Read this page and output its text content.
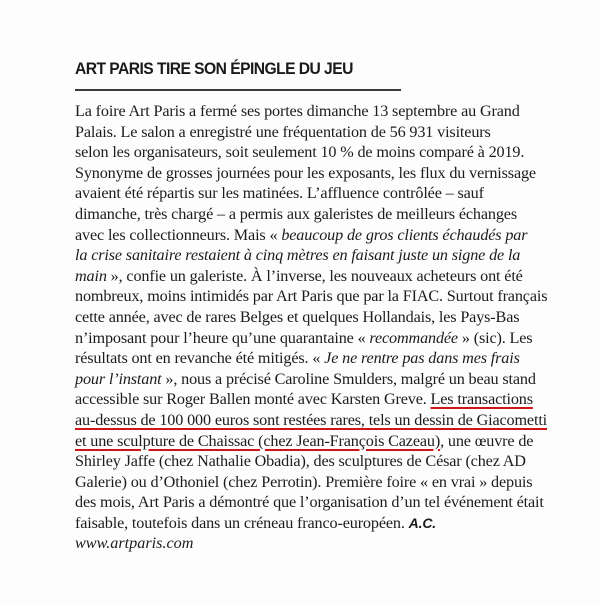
ART PARIS TIRE SON ÉPINGLE DU JEU
La foire Art Paris a fermé ses portes dimanche 13 septembre au Grand
Palais. Le salon a enregistré une fréquentation de 56 931 visiteurs
selon les organisateurs, soit seulement 10 % de moins comparé à 2019.
Synonyme de grosses journées pour les exposants, les flux du vernissage
avaient été répartis sur les matinées. L’affluence contrôlée – sauf
dimanche, très chargé – a permis aux galeristes de meilleurs échanges
avec les collectionneurs. Mais « beaucoup de gros clients échaudés par
la crise sanitaire restaient à cinq mètres en faisant juste un signe de la
main », confie un galeriste. À l’inverse, les nouveaux acheteurs ont été
nombreux, moins intimidés par Art Paris que par la FIAC. Surtout français
cette année, avec de rares Belges et quelques Hollandais, les Pays-Bas
n’imposant pour l’heure qu’une quarantaine « recommandée » (sic). Les
résultats ont en revanche été mitigés. « Je ne rentre pas dans mes frais
pour l’instant », nous a précisé Caroline Smulders, malgré un beau stand
accessible sur Roger Ballen monté avec Karsten Greve. Les transactions
au-dessus de 100 000 euros sont restées rares, tels un dessin de Giacometti
et une sculpture de Chaissac (chez Jean-François Cazeau), une œuvre de
Shirley Jaffe (chez Nathalie Obadia), des sculptures de César (chez AD
Galerie) ou d’Othoniel (chez Perrotin). Première foire « en vrai » depuis
des mois, Art Paris a démontré que l’organisation d’un tel événement était
faisable, toutefois dans un créneau franco-européen. A.C.
www.artparis.com
